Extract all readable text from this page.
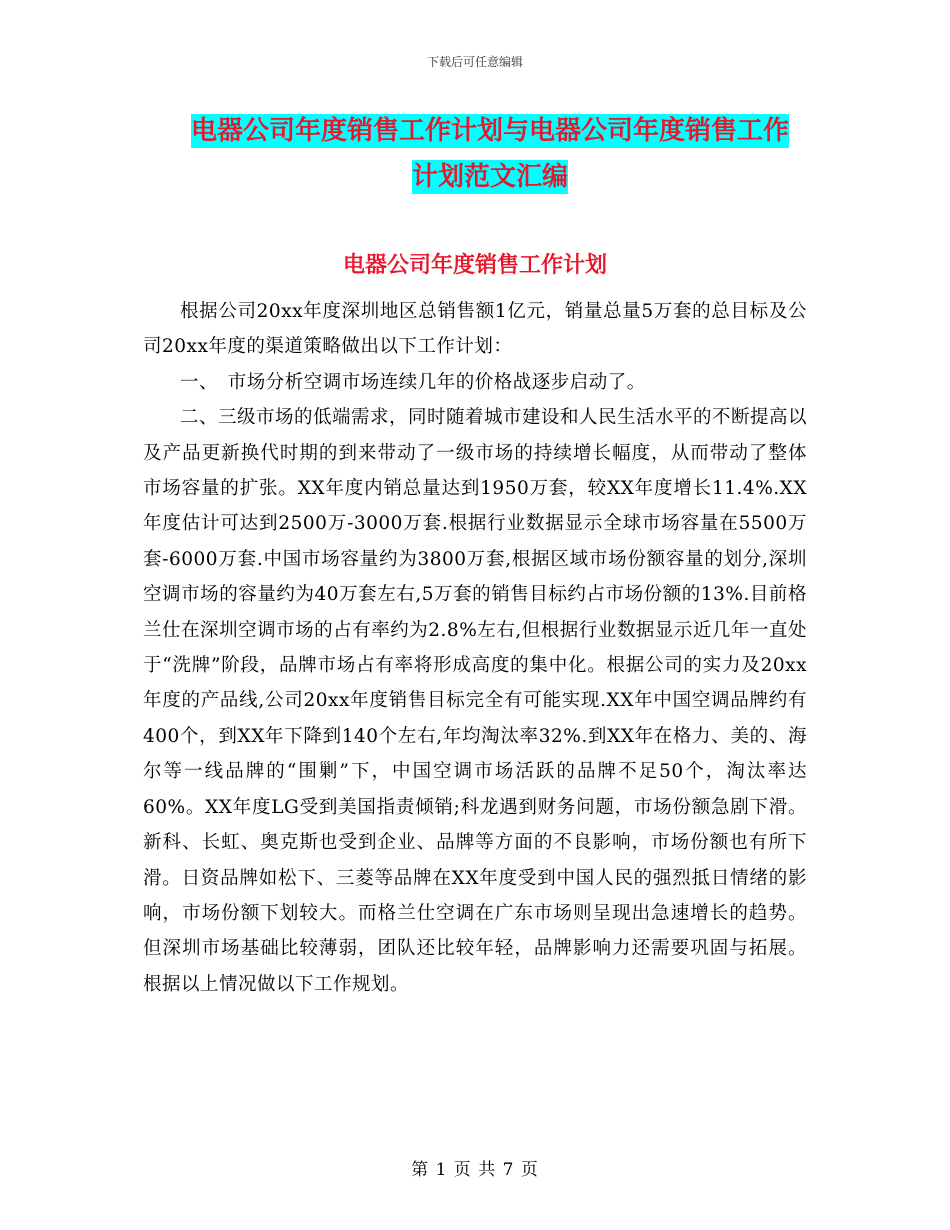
下载后可任意编辑
电器公司年度销售工作计划与电器公司年度销售工作
计划范文汇编
电器公司年度销售工作计划

根据公司20xx年度深圳地区总销售额1亿元，销量总量5万套的总目标及公司20xx年度的渠道策略做出以下工作计划：

一、　市场分析空调市场连续几年的价格战逐步启动了。

二、三级市场的低端需求，同时随着城市建设和人民生活水平的不断提高以及产品更新换代时期的到来带动了一级市场的持续增长幅度，从而带动了整体市场容量的扩张。XX年度内销总量达到1950万套，较XX年度增长11.4%.XX年度估计可达到2500万-3000万套.根据行业数据显示全球市场容量在5500万套-6000万套.中国市场容量约为3800万套,根据区域市场份额容量的划分,深圳空调市场的容量约为40万套左右,5万套的销售目标约占市场份额的13%.目前格兰仕在深圳空调市场的占有率约为2.8%左右,但根据行业数据显示近几年一直处于“洗牌”阶段，品牌市场占有率将形成高度的集中化。根据公司的实力及20xx年度的产品线,公司20xx年度销售目标完全有可能实现.XX年中国空调品牌约有400个，到XX年下降到140个左右,年均淘汰率32%.到XX年在格力、美的、海尔等一线品牌的“围剿”下，中国空调市场活跃的品牌不足50个，淘汰率达60%。XX年度LG受到美国指责倾销;科龙遇到财务问题，市场份额急剧下滑。新科、长虹、奥克斯也受到企业、品牌等方面的不良影响，市场份额也有所下滑。日资品牌如松下、三菱等品牌在XX年度受到中国人民的强烈抵日情绪的影响，市场份额下划较大。而格兰仕空调在广东市场则呈现出急速增长的趋势。但深圳市场基础比较薄弱，团队还比较年轻，品牌影响力还需要巩固与拓展。根据以上情况做以下工作规划。

第 1 页 共 7 页
